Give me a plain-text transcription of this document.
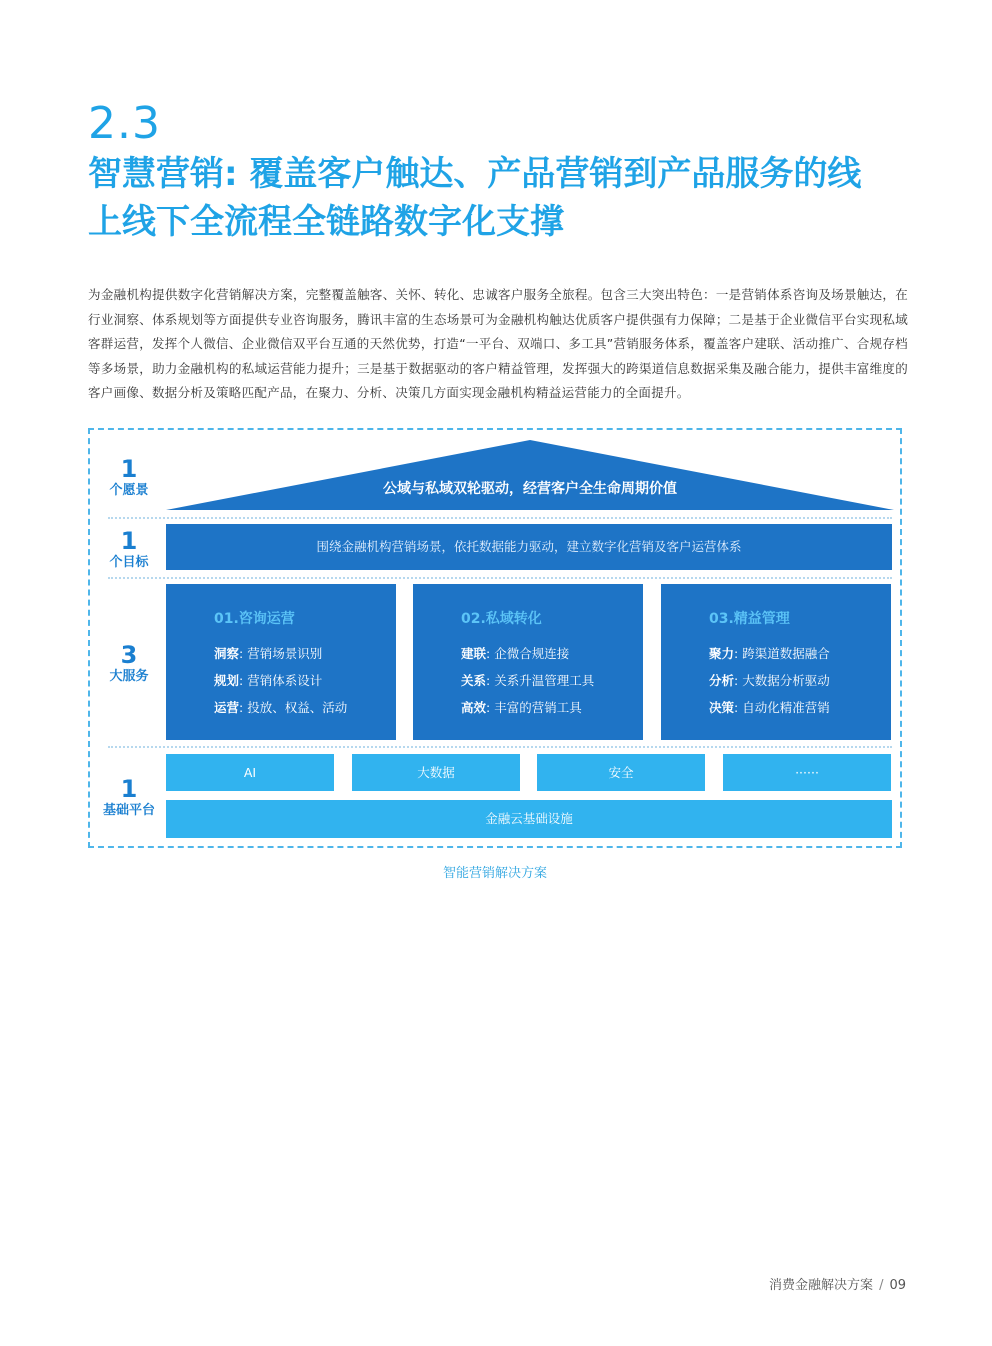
2.3
智慧营销: 覆盖客户触达、产品营销到产品服务的线
上线下全流程全链路数字化支撑
为金融机构提供数字化营销解决方案，完整覆盖触客、关怀、转化、忠诚客户服务全旅程。包含三大突出特色：一是营销体系咨询及场景触达，在行业洞察、体系规划等方面提供专业咨询服务，腾讯丰富的生态场景可为金融机构触达优质客户提供强有力保障；二是基于企业微信平台实现私域客群运营，发挥个人微信、企业微信双平台互通的天然优势，打造“一平台、双端口、多工具”营销服务体系，覆盖客户建联、活动推广、合规存档等多场景，助力金融机构的私域运营能力提升；三是基于数据驱动的客户精益管理，发挥强大的跨渠道信息数据采集及融合能力，提供丰富维度的客户画像、数据分析及策略匹配产品，在聚力、分析、决策几方面实现金融机构精益运营能力的全面提升。
1
个愿景
1
个目标
3
大服务
1
基础平台
公域与私域双轮驱动，经营客户全生命周期价值
围绕金融机构营销场景，依托数据能力驱动，建立数字化营销及客户运营体系
01.咨询运营
洞察: 营销场景识别
规划: 营销体系设计
运营: 投放、权益、活动
02.私域转化
建联: 企微合规连接
关系: 关系升温管理工具
高效: 丰富的营销工具
03.精益管理
聚力: 跨渠道数据融合
分析: 大数据分析驱动
决策: 自动化精准营销
AI	大数据	安全	······
金融云基础设施
智能营销解决方案
消费金融解决方案 / 09
